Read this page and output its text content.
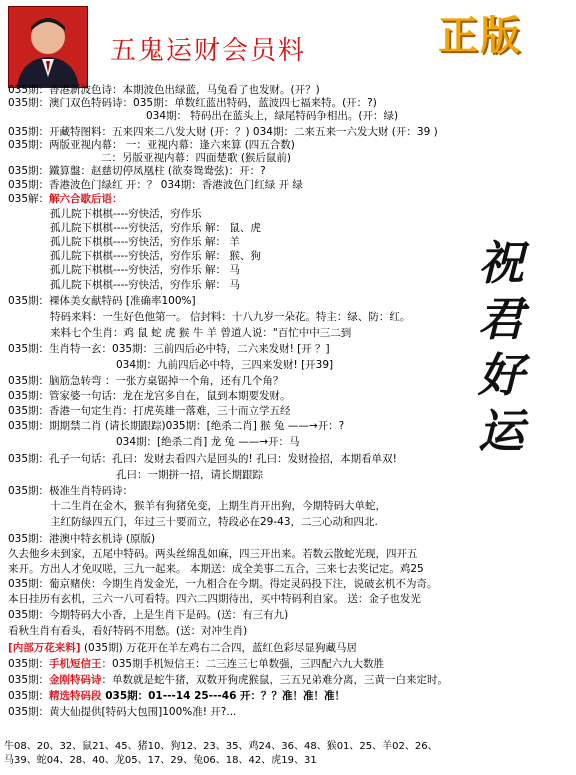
五鬼运财会员料	正版
祝君好运
035期：香港新波色诗：本期波色出绿蓝，马兔看了也发财。(开？)
035期：澳门双色特码诗：035期：单数红蓝出特码，蓝波四七福来特。(开：?)
034期： 特码出在蓝头上，绿尾特码争相出。(开：绿)
035期：开藏特图料：五来四来二八发大财 (开：？) 034期：二来五来一六发大财 (开：39 )
035期：两版亚视内幕： 一：亚视内幕：逢六来算 (四五合数)
二：另版亚视内幕：四面楚歌 (猴后鼠前)
035期：鐵算盤：赵慈切停凤凰柱 (欲奏鸳鸯弦)：开：?
035期：香港波色门绿红 开：？ 034期：香港波色门红绿 开 绿
035解：解六合歇后语：
孤儿院下棋棋----穷快活，穷作乐
孤儿院下棋棋----穷快活，穷作乐 解： 鼠、虎
孤儿院下棋棋----穷快活，穷作乐 解： 羊
孤儿院下棋棋----穷快活，穷作乐 解： 猴、狗
孤儿院下棋棋----穷快活，穷作乐 解： 马
孤儿院下棋棋----穷快活，穷作乐 解： 马
035期：裸体美女献特码 [准确率100%]
特码来料：一生好色他第一。 信封料：十八九岁一朵花。特主：绿、防：红。
来料七个生肖：鸡 鼠 蛇 虎 猴 牛 羊 曾道人说："百忙中中三二到
035期：生肖特一玄：035期：三前四后必中特，二六来发财! [开 ？]
034期：九前四后必中特，三四来发财! [开39]
035期：脑筋急转弯 ：一张方桌锯掉一个角，还有几个角？
035期：管家婆一句话：龙在龙宫多自在，鼠到本期要发财。
035期：香港一句定生肖：打虎英雄一落难，三十而立学五经
035期：期期禁二肖 (请长期跟踪)035期：[绝杀二肖] 猴 兔 ——→开：?
034期：[绝杀二肖] 龙 兔 ——→开：马
035期：孔子一句话：孔曰：发财去看四六是回头的! 孔曰：发财捡招，本期看单双!
孔曰：一期拼一招，请长期跟踪
035期：极准生肖特码诗：
十二生肖在金木，猴羊有狗猪免变，上期生肖开出狗，今期特码大单蛇，
主红防绿四五门，年过三十要而立，特段必在29-43，二三心动和四北.
035期：港澳中特玄机诗 (原版)
久去他乡未到家，五尾中特码。两头丝绵乱如麻，四三开出来。若数云散蛇光现，四开五
来开。方出人才免叹嗟，三九一起来。 本期送：成全美事二五合，三来七去奖记定。鸡25
035期：葡京赌侠：今期生肖发金光，一九相合在今期。得定灵码投下注，说破玄机不为奇。
本日挂历有玄机，三六一八可看特。四六二四期待出，买中特码利自家。 送：金子也发光
035期：今期特码大小香，上是生肖下是码。(送：有三有九)
看秋生肖有看头，看好特码不用愁。(送：对冲生肖)
[内部万花来料] (035期) 万花开在羊左鸡右二合四，蓝红色彩尽显狗藏马居
035期：手机短信王：035期手机短信王：二三连三七单数强，三四配六九大数胜
035期：金刚特码诗：单数就是蛇牛猪，双数开狗虎猴鼠，三五兄弟难分离，三黄一白来定时。
035期：精选特码段 035期：01---14 25---46 开：？？准！准！准！
035期：黄大仙提供[特码大包围]100%准! 开?...
牛08、20、32、鼠21、45、猪10、狗12、23、35、鸡24、36、48、猴01、25、羊02、26、
马39、蛇04、28、40、龙05、17、29、兔06、18、42、虎19、31
